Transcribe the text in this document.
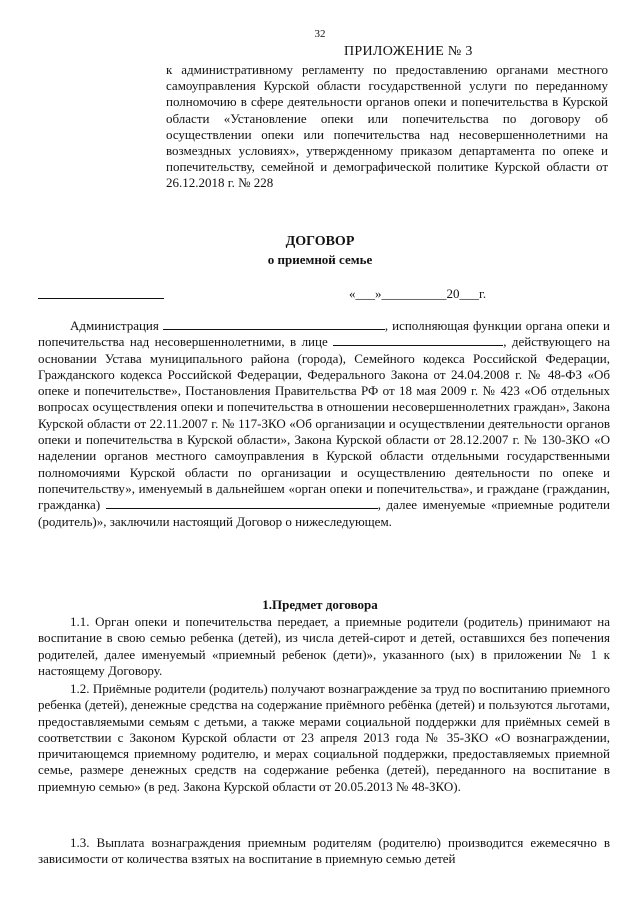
32
ПРИЛОЖЕНИЕ № 3
к административному регламенту по предоставлению органами местного самоуправления Курской области государственной услуги по переданному полномочию в сфере деятельности органов опеки и попечительства в Курской области «Установление опеки или попечительства по договору об осуществлении опеки или попечительства над несовершеннолетними на возмездных условиях», утвержденному приказом департамента по опеке и попечительству, семейной и демографической политике Курской области от 26.12.2018 г. № 228
ДОГОВОР
о приемной семье
«___»__________20___г.
Администрация	, исполняющая функции органа опеки и попечительства над несовершеннолетними, в лице	, действующего на основании Устава муниципального района (города), Семейного кодекса Российской Федерации, Гражданского кодекса Российской Федерации, Федерального Закона от 24.04.2008 г. № 48-ФЗ «Об опеке и попечительстве», Постановления Правительства РФ от 18 мая 2009 г. № 423 «Об отдельных вопросах осуществления опеки и попечительства в отношении несовершеннолетних граждан», Закона Курской области от 22.11.2007 г. № 117-ЗКО «Об организации и осуществлении деятельности органов опеки и попечительства в Курской области», Закона Курской области от 28.12.2007 г. № 130-ЗКО «О наделении органов местного самоуправления в Курской области отдельными государственными полномочиями Курской области по организации и осуществлению деятельности по опеке и попечительству», именуемый в дальнейшем «орган опеки и попечительства», и граждане (гражданин, гражданка)	, далее именуемые «приемные родители (родитель)», заключили настоящий Договор о нижеследующем.
1.Предмет договора
1.1. Орган опеки и попечительства передает, а приемные родители (родитель) принимают на воспитание в свою семью ребенка (детей), из числа детей-сирот и детей, оставшихся без попечения родителей, далее именуемый «приемный ребенок (дети)», указанного (ых) в приложении № 1 к настоящему Договору.
1.2. Приёмные родители (родитель) получают вознаграждение за труд по воспитанию приемного ребенка (детей), денежные средства на содержание приёмного ребёнка (детей) и пользуются льготами, предоставляемыми семьям с детьми, а также мерами социальной поддержки для приёмных семей в соответствии с Законом Курской области от 23 апреля 2013 года № 35-ЗКО «О вознаграждении, причитающемся приемному родителю, и мерах социальной поддержки, предоставляемых приемной семье, размере денежных средств на содержание ребенка (детей), переданного на воспитание в приемную семью» (в ред. Закона Курской области от 20.05.2013 № 48-ЗКО).
1.3. Выплата вознаграждения приемным родителям (родителю) производится ежемесячно в зависимости от количества взятых на воспитание в приемную семью детей
